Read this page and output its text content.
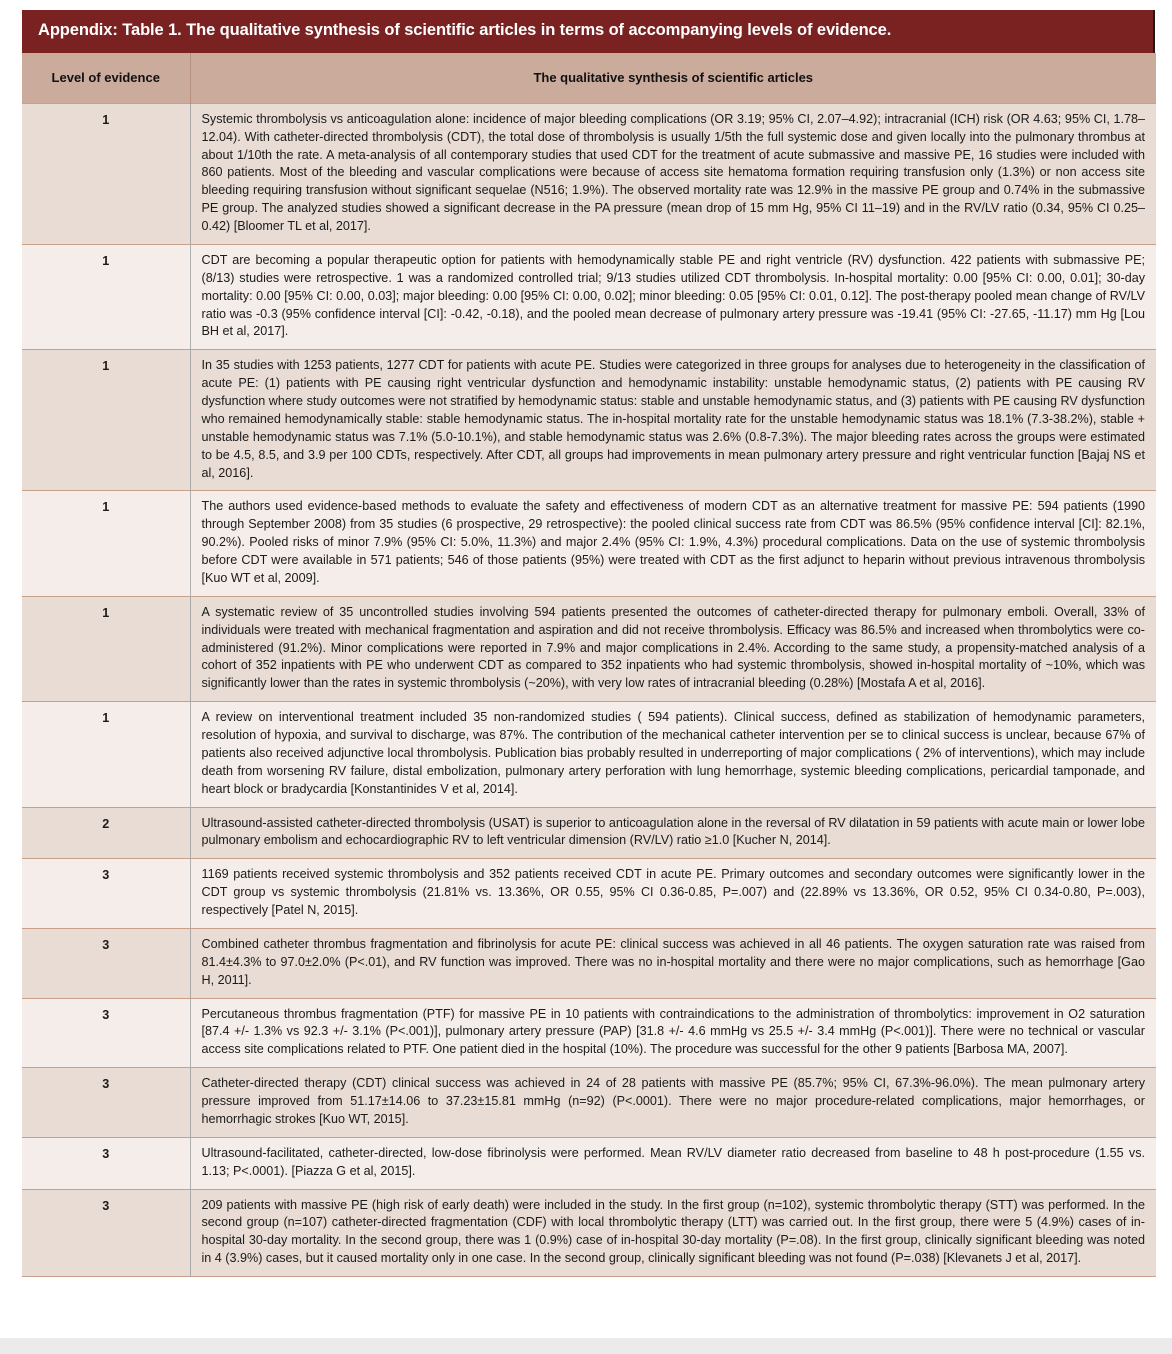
Appendix: Table 1. The qualitative synthesis of scientific articles in terms of accompanying levels of evidence.
Level of evidence	The qualitative synthesis of scientific articles
1	Systemic thrombolysis vs anticoagulation alone: incidence of major bleeding complications (OR 3.19; 95% CI, 2.07–4.92); intracranial (ICH) risk (OR 4.63; 95% CI, 1.78–12.04). With catheter-directed thrombolysis (CDT), the total dose of thrombolysis is usually 1/5th the full systemic dose and given locally into the pulmonary thrombus at about 1/10th the rate. A meta-analysis of all contemporary studies that used CDT for the treatment of acute submassive and massive PE, 16 studies were included with 860 patients. Most of the bleeding and vascular complications were because of access site hematoma formation requiring transfusion only (1.3%) or non access site bleeding requiring transfusion without significant sequelae (N516; 1.9%). The observed mortality rate was 12.9% in the massive PE group and 0.74% in the submassive PE group. The analyzed studies showed a significant decrease in the PA pressure (mean drop of 15 mm Hg, 95% CI 11–19) and in the RV/LV ratio (0.34, 95% CI 0.25–0.42) [Bloomer TL et al, 2017].
1	CDT are becoming a popular therapeutic option for patients with hemodynamically stable PE and right ventricle (RV) dysfunction. 422 patients with submassive PE; (8/13) studies were retrospective. 1 was a randomized controlled trial; 9/13 studies utilized CDT thrombolysis. In-hospital mortality: 0.00 [95% CI: 0.00, 0.01]; 30-day mortality: 0.00 [95% CI: 0.00, 0.03]; major bleeding: 0.00 [95% CI: 0.00, 0.02]; minor bleeding: 0.05 [95% CI: 0.01, 0.12]. The post-therapy pooled mean change of RV/LV ratio was -0.3 (95% confidence interval [CI]: -0.42, -0.18), and the pooled mean decrease of pulmonary artery pressure was -19.41 (95% CI: -27.65, -11.17) mm Hg [Lou BH et al, 2017].
1	In 35 studies with 1253 patients, 1277 CDT for patients with acute PE. Studies were categorized in three groups for analyses due to heterogeneity in the classification of acute PE: (1) patients with PE causing right ventricular dysfunction and hemodynamic instability: unstable hemodynamic status, (2) patients with PE causing RV dysfunction where study outcomes were not stratified by hemodynamic status: stable and unstable hemodynamic status, and (3) patients with PE causing RV dysfunction who remained hemodynamically stable: stable hemodynamic status. The in-hospital mortality rate for the unstable hemodynamic status was 18.1% (7.3-38.2%), stable + unstable hemodynamic status was 7.1% (5.0-10.1%), and stable hemodynamic status was 2.6% (0.8-7.3%). The major bleeding rates across the groups were estimated to be 4.5, 8.5, and 3.9 per 100 CDTs, respectively. After CDT, all groups had improvements in mean pulmonary artery pressure and right ventricular function [Bajaj NS et al, 2016].
1	The authors used evidence-based methods to evaluate the safety and effectiveness of modern CDT as an alternative treatment for massive PE: 594 patients (1990 through September 2008) from 35 studies (6 prospective, 29 retrospective): the pooled clinical success rate from CDT was 86.5% (95% confidence interval [CI]: 82.1%, 90.2%). Pooled risks of minor 7.9% (95% CI: 5.0%, 11.3%) and major 2.4% (95% CI: 1.9%, 4.3%) procedural complications. Data on the use of systemic thrombolysis before CDT were available in 571 patients; 546 of those patients (95%) were treated with CDT as the first adjunct to heparin without previous intravenous thrombolysis [Kuo WT et al, 2009].
1	A systematic review of 35 uncontrolled studies involving 594 patients presented the outcomes of catheter-directed therapy for pulmonary emboli. Overall, 33% of individuals were treated with mechanical fragmentation and aspiration and did not receive thrombolysis. Efficacy was 86.5% and increased when thrombolytics were co-administered (91.2%). Minor complications were reported in 7.9% and major complications in 2.4%. According to the same study, a propensity-matched analysis of a cohort of 352 inpatients with PE who underwent CDT as compared to 352 inpatients who had systemic thrombolysis, showed in-hospital mortality of ~10%, which was significantly lower than the rates in systemic thrombolysis (~20%), with very low rates of intracranial bleeding (0.28%) [Mostafa A et al, 2016].
1	A review on interventional treatment included 35 non-randomized studies ( 594 patients). Clinical success, defined as stabilization of hemodynamic parameters, resolution of hypoxia, and survival to discharge, was 87%. The contribution of the mechanical catheter intervention per se to clinical success is unclear, because 67% of patients also received adjunctive local thrombolysis. Publication bias probably resulted in underreporting of major complications ( 2% of interventions), which may include death from worsening RV failure, distal embolization, pulmonary artery perforation with lung hemorrhage, systemic bleeding complications, pericardial tamponade, and heart block or bradycardia [Konstantinides V et al, 2014].
2	Ultrasound-assisted catheter-directed thrombolysis (USAT) is superior to anticoagulation alone in the reversal of RV dilatation in 59 patients with acute main or lower lobe pulmonary embolism and echocardiographic RV to left ventricular dimension (RV/LV) ratio ≥1.0 [Kucher N, 2014].
3	1169 patients received systemic thrombolysis and 352 patients received CDT in acute PE. Primary outcomes and secondary outcomes were significantly lower in the CDT group vs systemic thrombolysis (21.81% vs. 13.36%, OR 0.55, 95% CI 0.36-0.85, P=.007) and (22.89% vs 13.36%, OR 0.52, 95% CI 0.34-0.80, P=.003), respectively [Patel N, 2015].
3	Combined catheter thrombus fragmentation and fibrinolysis for acute PE: clinical success was achieved in all 46 patients. The oxygen saturation rate was raised from 81.4±4.3% to 97.0±2.0% (P<.01), and RV function was improved. There was no in-hospital mortality and there were no major complications, such as hemorrhage [Gao H, 2011].
3	Percutaneous thrombus fragmentation (PTF) for massive PE in 10 patients with contraindications to the administration of thrombolytics: improvement in O2 saturation [87.4 +/- 1.3% vs 92.3 +/- 3.1% (P<.001)], pulmonary artery pressure (PAP) [31.8 +/- 4.6 mmHg vs 25.5 +/- 3.4 mmHg (P<.001)]. There were no technical or vascular access site complications related to PTF. One patient died in the hospital (10%). The procedure was successful for the other 9 patients [Barbosa MA, 2007].
3	Catheter-directed therapy (CDT) clinical success was achieved in 24 of 28 patients with massive PE (85.7%; 95% CI, 67.3%-96.0%). The mean pulmonary artery pressure improved from 51.17±14.06 to 37.23±15.81 mmHg (n=92) (P<.0001). There were no major procedure-related complications, major hemorrhages, or hemorrhagic strokes [Kuo WT, 2015].
3	Ultrasound-facilitated, catheter-directed, low-dose fibrinolysis were performed. Mean RV/LV diameter ratio decreased from baseline to 48 h post-procedure (1.55 vs. 1.13; P<.0001). [Piazza G et al, 2015].
3	209 patients with massive PE (high risk of early death) were included in the study. In the first group (n=102), systemic thrombolytic therapy (STT) was performed. In the second group (n=107) catheter-directed fragmentation (CDF) with local thrombolytic therapy (LTT) was carried out. In the first group, there were 5 (4.9%) cases of in-hospital 30-day mortality. In the second group, there was 1 (0.9%) case of in-hospital 30-day mortality (P=.08). In the first group, clinically significant bleeding was noted in 4 (3.9%) cases, but it caused mortality only in one case. In the second group, clinically significant bleeding was not found (P=.038) [Klevanets J et al, 2017].
